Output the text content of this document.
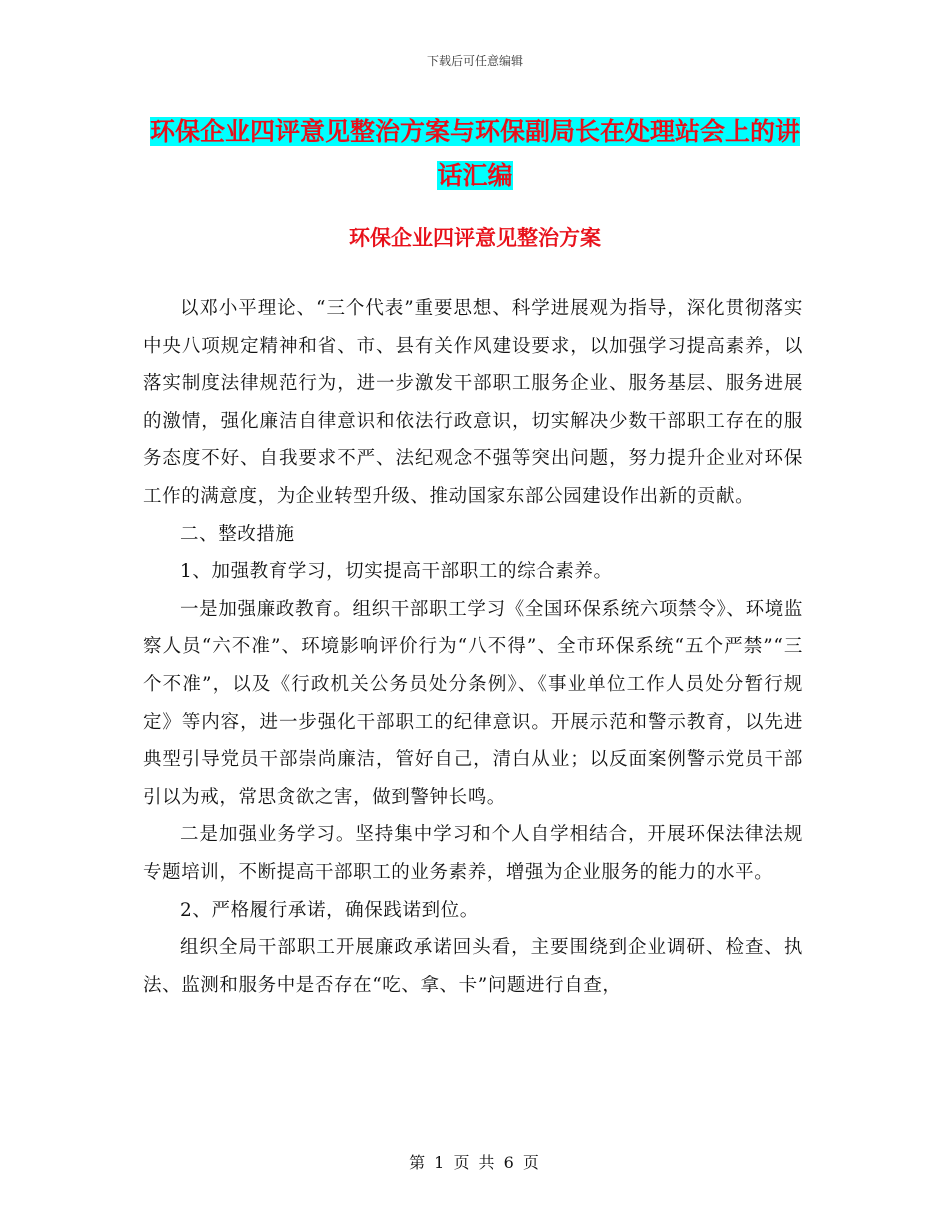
下载后可任意编辑
环保企业四评意见整治方案与环保副局长在处理站会上的讲话汇编
环保企业四评意见整治方案

以邓小平理论、“三个代表”重要思想、科学进展观为指导，深化贯彻落实中央八项规定精神和省、市、县有关作风建设要求，以加强学习提高素养，以落实制度法律规范行为，进一步激发干部职工服务企业、服务基层、服务进展的激情，强化廉洁自律意识和依法行政意识，切实解决少数干部职工存在的服务态度不好、自我要求不严、法纪观念不强等突出问题，努力提升企业对环保工作的满意度，为企业转型升级、推动国家东部公园建设作出新的贡献。

二、整改措施

1、加强教育学习，切实提高干部职工的综合素养。

一是加强廉政教育。组织干部职工学习《全国环保系统六项禁令》、环境监察人员“六不准”、环境影响评价行为“八不得”、全市环保系统“五个严禁”“三个不准”，以及《行政机关公务员处分条例》、《事业单位工作人员处分暂行规定》等内容，进一步强化干部职工的纪律意识。开展示范和警示教育，以先进典型引导党员干部崇尚廉洁，管好自己，清白从业；以反面案例警示党员干部引以为戒，常思贪欲之害，做到警钟长鸣。

二是加强业务学习。坚持集中学习和个人自学相结合，开展环保法律法规专题培训，不断提高干部职工的业务素养，增强为企业服务的能力的水平。

2、严格履行承诺，确保践诺到位。

组织全局干部职工开展廉政承诺回头看，主要围绕到企业调研、检查、执法、监测和服务中是否存在“吃、拿、卡”问题进行自查，

第 1 页 共 6 页
